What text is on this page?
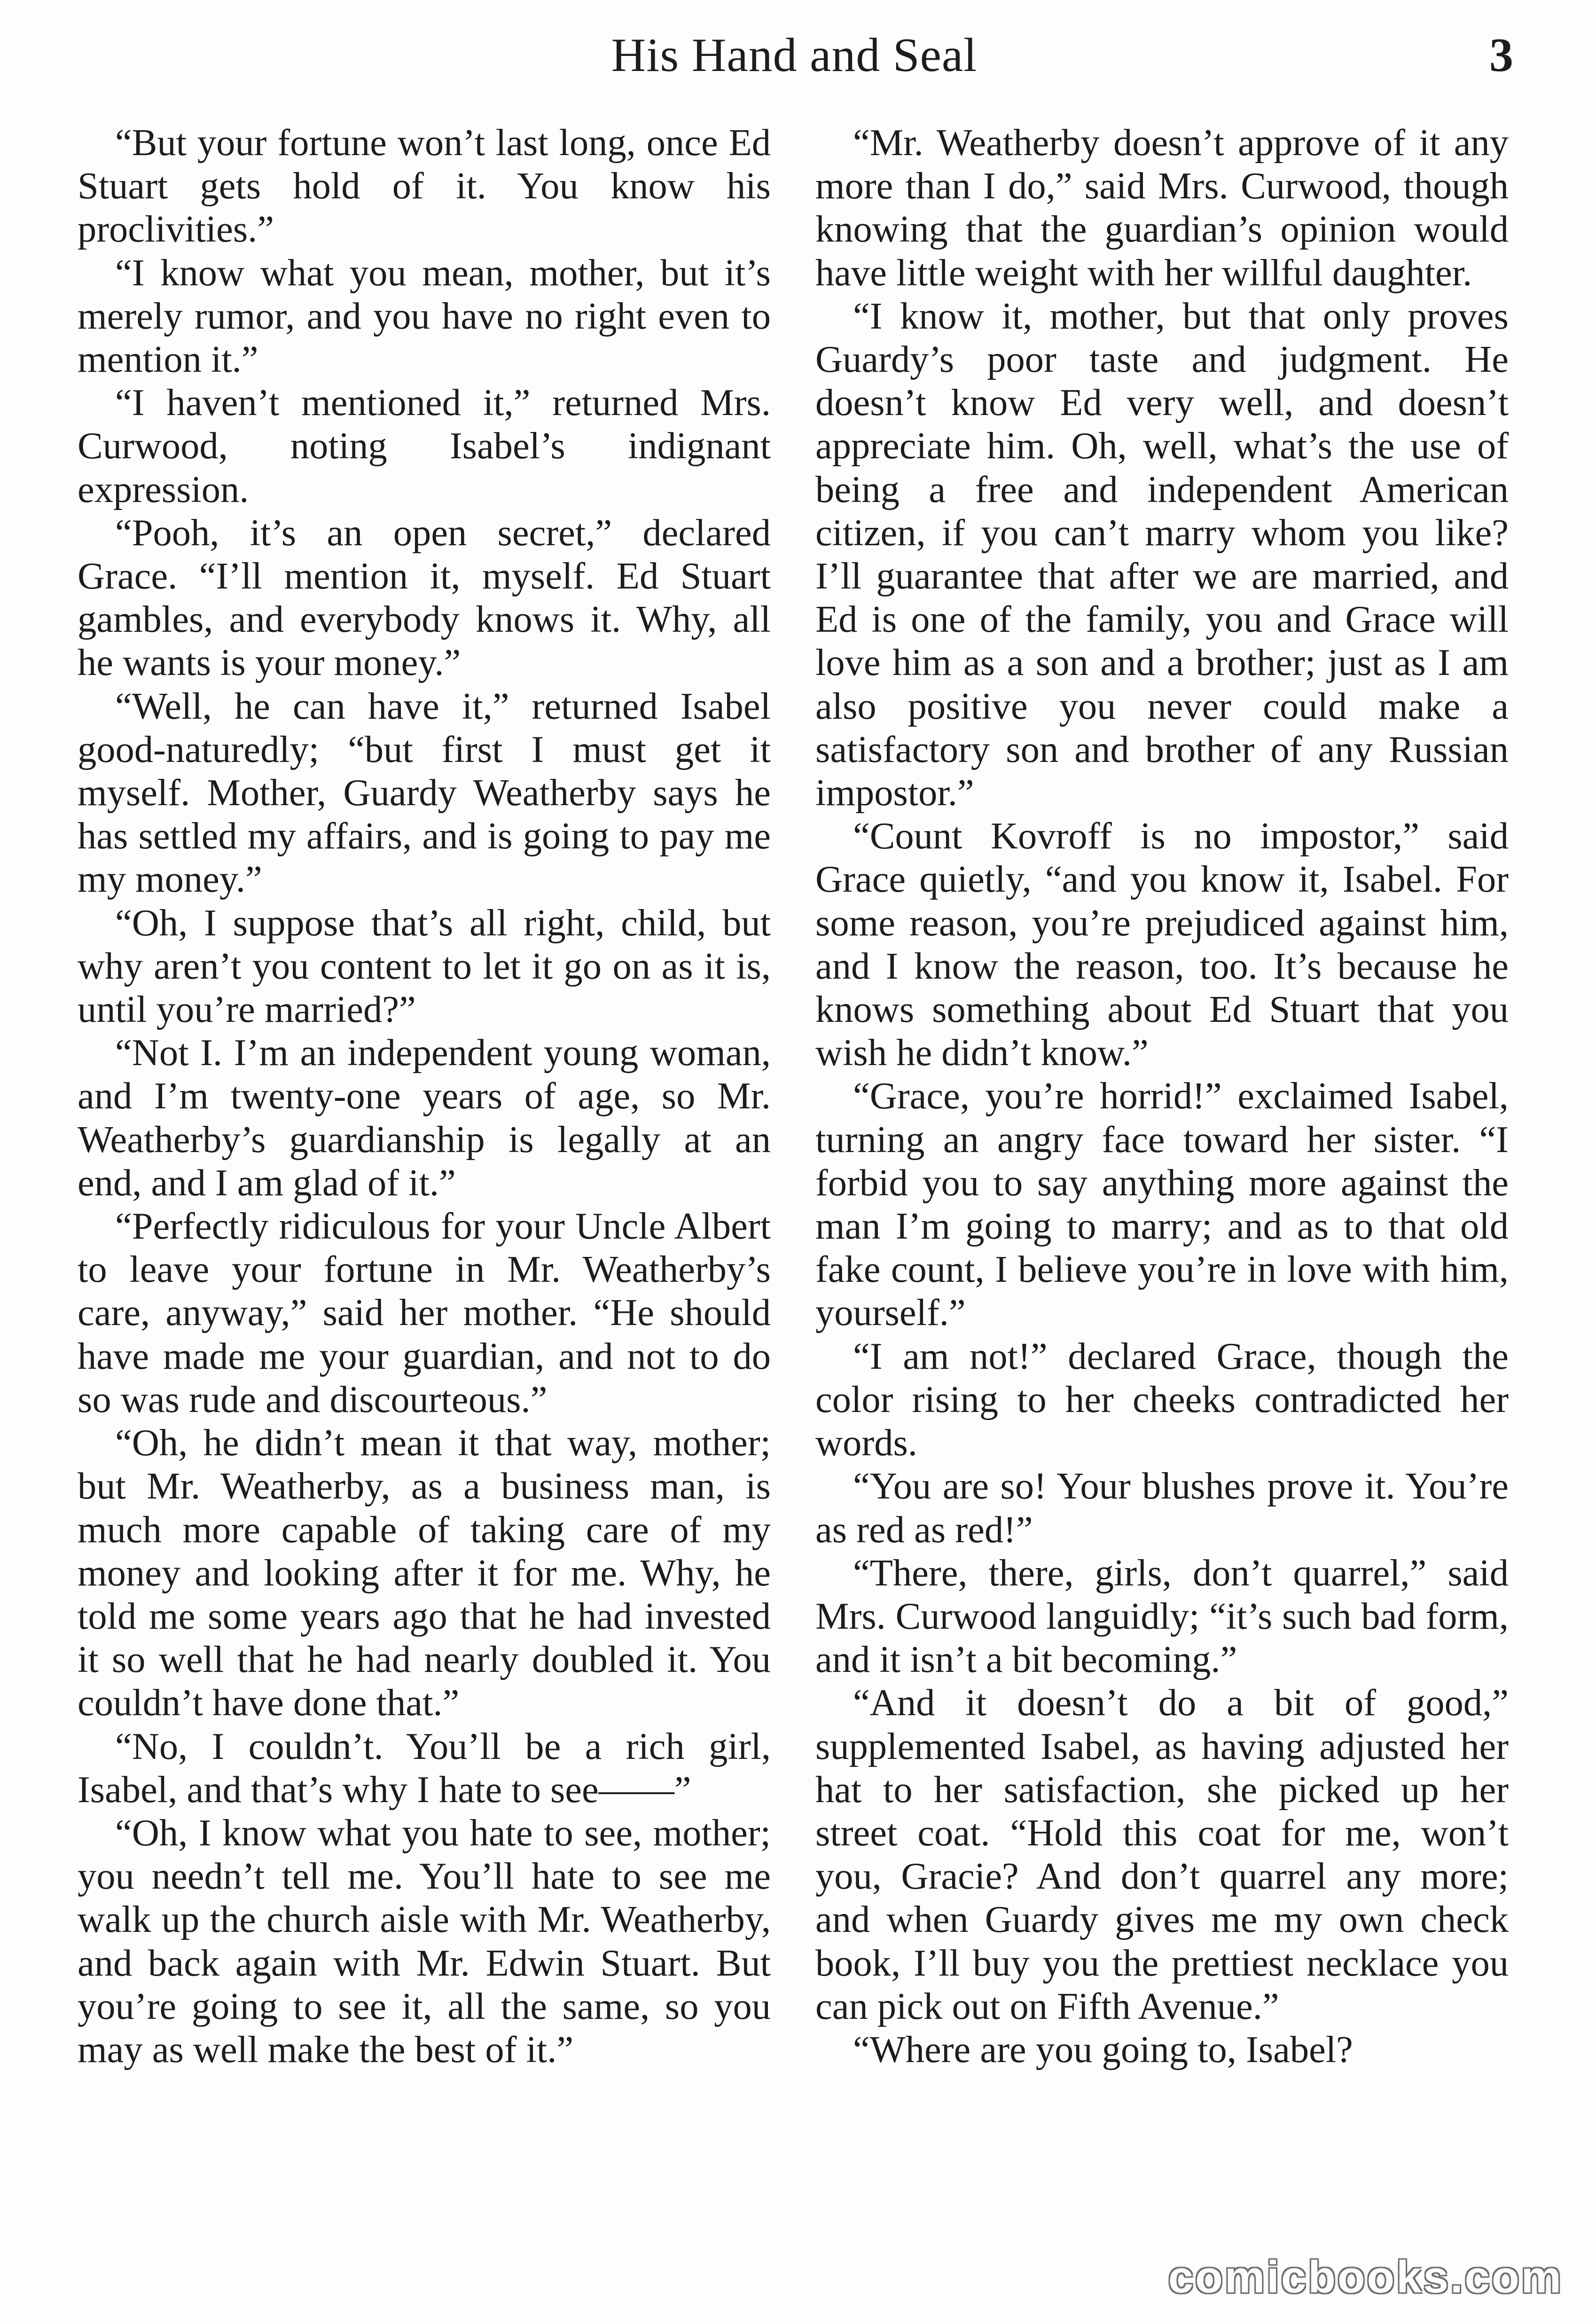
His Hand and Seal	3

“But your fortune won’t last long, once Ed Stuart gets hold of it. You know his proclivities.”

“I know what you mean, mother, but it’s merely rumor, and you have no right even to mention it.”

“I haven’t mentioned it,” returned Mrs. Curwood, noting Isabel’s indignant expression.

“Pooh, it’s an open secret,” declared Grace. “I’ll mention it, myself. Ed Stuart gambles, and everybody knows it. Why, all he wants is your money.”

“Well, he can have it,” returned Isabel good-naturedly; “but first I must get it myself. Mother, Guardy Weatherby says he has settled my affairs, and is going to pay me my money.”

“Oh, I suppose that’s all right, child, but why aren’t you content to let it go on as it is, until you’re married?”

“Not I. I’m an independent young woman, and I’m twenty-one years of age, so Mr. Weatherby’s guardianship is legally at an end, and I am glad of it.”

“Perfectly ridiculous for your Uncle Albert to leave your fortune in Mr. Weatherby’s care, anyway,” said her mother. “He should have made me your guardian, and not to do so was rude and discourteous.”

“Oh, he didn’t mean it that way, mother; but Mr. Weatherby, as a business man, is much more capable of taking care of my money and looking after it for me. Why, he told me some years ago that he had invested it so well that he had nearly doubled it. You couldn’t have done that.”

“No, I couldn’t. You’ll be a rich girl, Isabel, and that’s why I hate to see——”

“Oh, I know what you hate to see, mother; you needn’t tell me. You’ll hate to see me walk up the church aisle with Mr. Weatherby, and back again with Mr. Edwin Stuart. But you’re going to see it, all the same, so you may as well make the best of it.”

“Mr. Weatherby doesn’t approve of it any more than I do,” said Mrs. Curwood, though knowing that the guardian’s opinion would have little weight with her willful daughter.

“I know it, mother, but that only proves Guardy’s poor taste and judgment. He doesn’t know Ed very well, and doesn’t appreciate him. Oh, well, what’s the use of being a free and independent American citizen, if you can’t marry whom you like? I’ll guarantee that after we are married, and Ed is one of the family, you and Grace will love him as a son and a brother; just as I am also positive you never could make a satisfactory son and brother of any Russian impostor.”

“Count Kovroff is no impostor,” said Grace quietly, “and you know it, Isabel. For some reason, you’re prejudiced against him, and I know the reason, too. It’s because he knows something about Ed Stuart that you wish he didn’t know.”

“Grace, you’re horrid!” exclaimed Isabel, turning an angry face toward her sister. “I forbid you to say anything more against the man I’m going to marry; and as to that old fake count, I believe you’re in love with him, yourself.”

“I am not!” declared Grace, though the color rising to her cheeks contradicted her words.

“You are so! Your blushes prove it. You’re as red as red!”

“There, there, girls, don’t quarrel,” said Mrs. Curwood languidly; “it’s such bad form, and it isn’t a bit becoming.”

“And it doesn’t do a bit of good,” supplemented Isabel, as having adjusted her hat to her satisfaction, she picked up her street coat. “Hold this coat for me, won’t you, Gracie? And don’t quarrel any more; and when Guardy gives me my own check book, I’ll buy you the prettiest necklace you can pick out on Fifth Avenue.”

“Where are you going to, Isabel?

comicbooks.com
